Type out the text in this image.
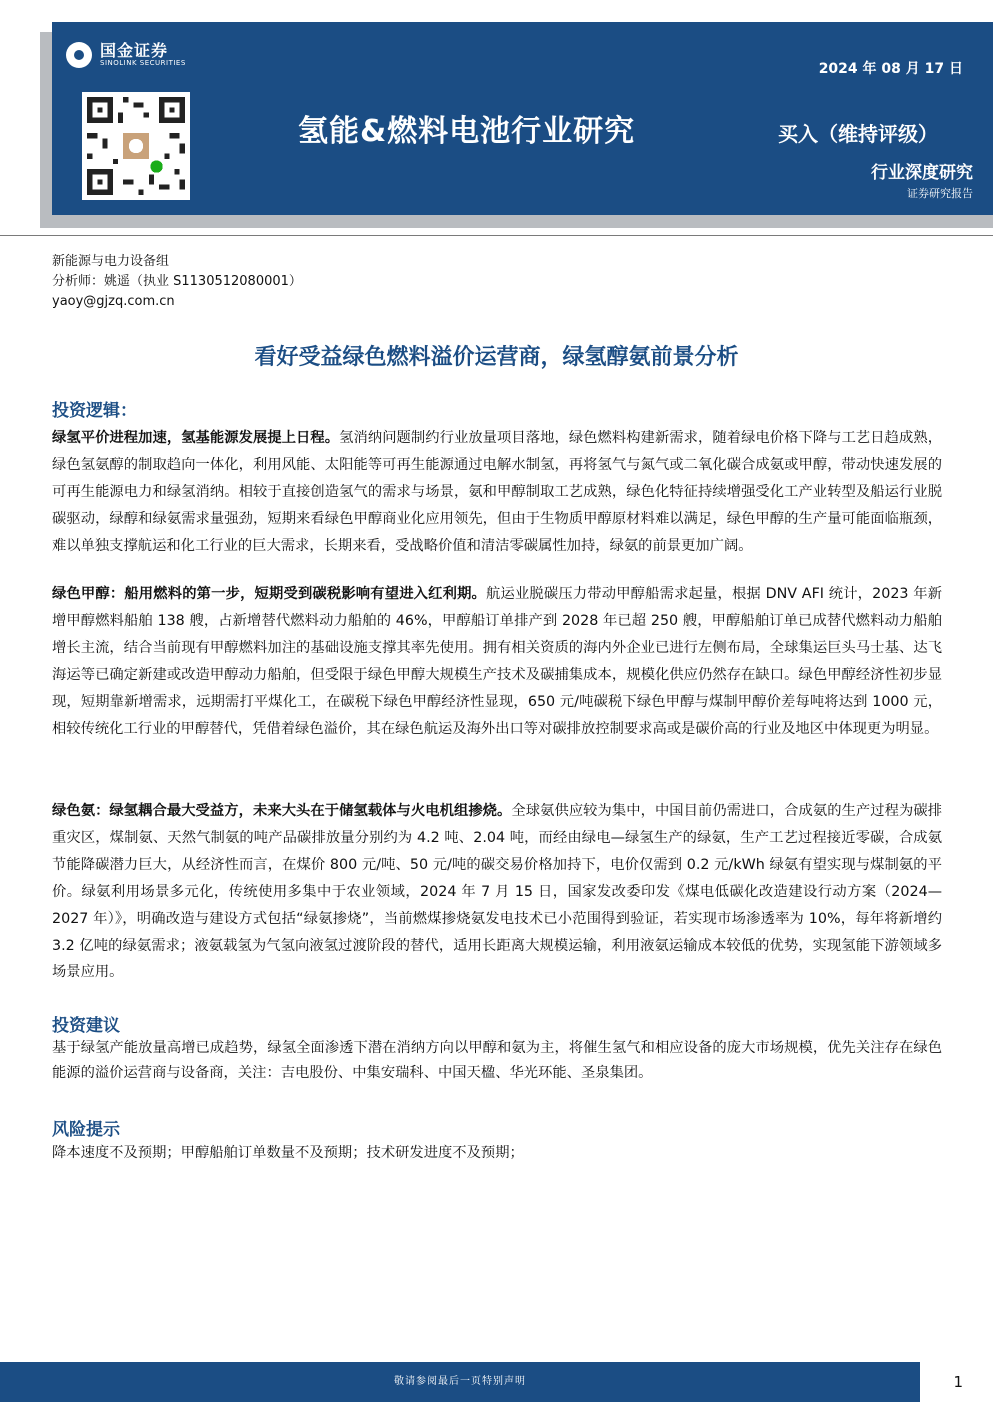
国金证券
SINOLINK SECURITIES	2024 年 08 月 17 日
氢能&燃料电池行业研究	买入（维持评级）
行业深度研究
证券研究报告
新能源与电力设备组
分析师：姚遥（执业 S1130512080001）
yaoy@gjzq.com.cn
看好受益绿色燃料溢价运营商，绿氢醇氨前景分析
投资逻辑：
绿氢平价进程加速，氢基能源发展提上日程。氢消纳问题制约行业放量项目落地，绿色燃料构建新需求，随着绿电价格下降与工艺日趋成熟，绿色氢氨醇的制取趋向一体化，利用风能、太阳能等可再生能源通过电解水制氢，再将氢气与氮气或二氧化碳合成氨或甲醇，带动快速发展的可再生能源电力和绿氢消纳。相较于直接创造氢气的需求与场景，氨和甲醇制取工艺成熟，绿色化特征持续增强受化工产业转型及船运行业脱碳驱动，绿醇和绿氨需求量强劲，短期来看绿色甲醇商业化应用领先，但由于生物质甲醇原材料难以满足，绿色甲醇的生产量可能面临瓶颈，难以单独支撑航运和化工行业的巨大需求，长期来看，受战略价值和清洁零碳属性加持，绿氨的前景更加广阔。
绿色甲醇：船用燃料的第一步，短期受到碳税影响有望进入红利期。航运业脱碳压力带动甲醇船需求起量，根据 DNV AFI 统计，2023 年新增甲醇燃料船舶 138 艘，占新增替代燃料动力船舶的 46%，甲醇船订单排产到 2028 年已超 250 艘，甲醇船舶订单已成替代燃料动力船舶增长主流，结合当前现有甲醇燃料加注的基础设施支撑其率先使用。拥有相关资质的海内外企业已进行左侧布局，全球集运巨头马士基、达飞海运等已确定新建或改造甲醇动力船舶，但受限于绿色甲醇大规模生产技术及碳捕集成本，规模化供应仍然存在缺口。绿色甲醇经济性初步显现，短期靠新增需求，远期需打平煤化工，在碳税下绿色甲醇经济性显现，650 元/吨碳税下绿色甲醇与煤制甲醇价差每吨将达到 1000 元，相较传统化工行业的甲醇替代，凭借着绿色溢价，其在绿色航运及海外出口等对碳排放控制要求高或是碳价高的行业及地区中体现更为明显。
绿色氨：绿氢耦合最大受益方，未来大头在于储氢载体与火电机组掺烧。全球氨供应较为集中，中国目前仍需进口，合成氨的生产过程为碳排重灾区，煤制氨、天然气制氨的吨产品碳排放量分别约为 4.2 吨、2.04 吨，而经由绿电—绿氢生产的绿氨，生产工艺过程接近零碳，合成氨节能降碳潜力巨大，从经济性而言，在煤价 800 元/吨、50 元/吨的碳交易价格加持下，电价仅需到 0.2 元/kWh 绿氨有望实现与煤制氨的平价。绿氨利用场景多元化，传统使用多集中于农业领域，2024 年 7 月 15 日，国家发改委印发《煤电低碳化改造建设行动方案（2024—2027 年）》，明确改造与建设方式包括“绿氨掺烧”，当前燃煤掺烧氨发电技术已小范围得到验证，若实现市场渗透率为 10%，每年将新增约 3.2 亿吨的绿氨需求；液氨载氢为气氢向液氢过渡阶段的替代，适用长距离大规模运输，利用液氨运输成本较低的优势，实现氢能下游领域多场景应用。
投资建议
基于绿氢产能放量高增已成趋势，绿氢全面渗透下潜在消纳方向以甲醇和氨为主，将催生氢气和相应设备的庞大市场规模，优先关注存在绿色能源的溢价运营商与设备商，关注：吉电股份、中集安瑞科、中国天楹、华光环能、圣泉集团。
风险提示
降本速度不及预期；甲醇船舶订单数量不及预期；技术研发进度不及预期；
敬请参阅最后一页特别声明	1
